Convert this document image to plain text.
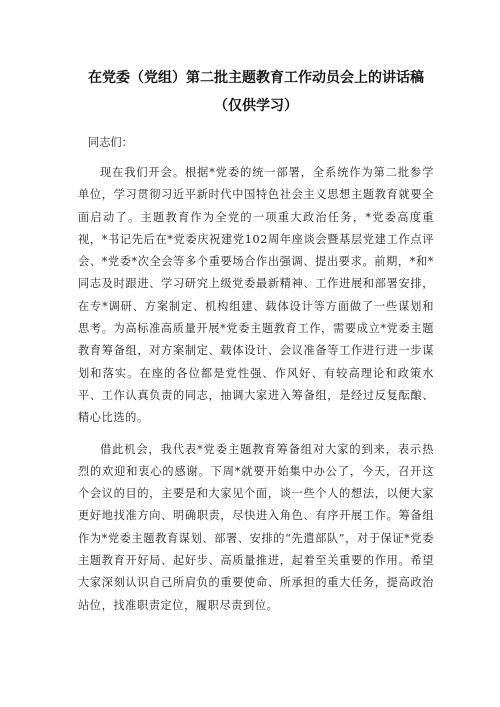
在党委（党组）第二批主题教育工作动员会上的讲话稿（仅供学习）

同志们：

现在我们开会。根据*党委的统一部署，全系统作为第二批参学单位，学习贯彻习近平新时代中国特色社会主义思想主题教育就要全面启动了。主题教育作为全党的一项重大政治任务，*党委高度重视，*书记先后在*党委庆祝建党102周年座谈会暨基层党建工作点评会、*党委*次全会等多个重要场合作出强调、提出要求。前期，*和*同志及时跟进、学习研究上级党委最新精神、工作进展和部署安排，在专*调研、方案制定、机构组建、载体设计等方面做了一些谋划和思考。为高标准高质量开展*党委主题教育工作，需要成立*党委主题教育筹备组，对方案制定、载体设计、会议准备等工作进行进一步谋划和落实。在座的各位都是党性强、作风好、有较高理论和政策水平、工作认真负责的同志，抽调大家进入筹备组，是经过反复酝酿、精心比选的。

借此机会，我代表*党委主题教育筹备组对大家的到来，表示热烈的欢迎和衷心的感谢。下周*就要开始集中办公了，今天，召开这个会议的目的，主要是和大家见个面，谈一些个人的想法，以便大家更好地找准方向、明确职责，尽快进入角色、有序开展工作。筹备组作为*党委主题教育谋划、部署、安排的“先遣部队”，对于保证*党委主题教育开好局、起好步、高质量推进，起着至关重要的作用。希望大家深刻认识自己所肩负的重要使命、所承担的重大任务，提高政治站位，找准职责定位，履职尽责到位。
